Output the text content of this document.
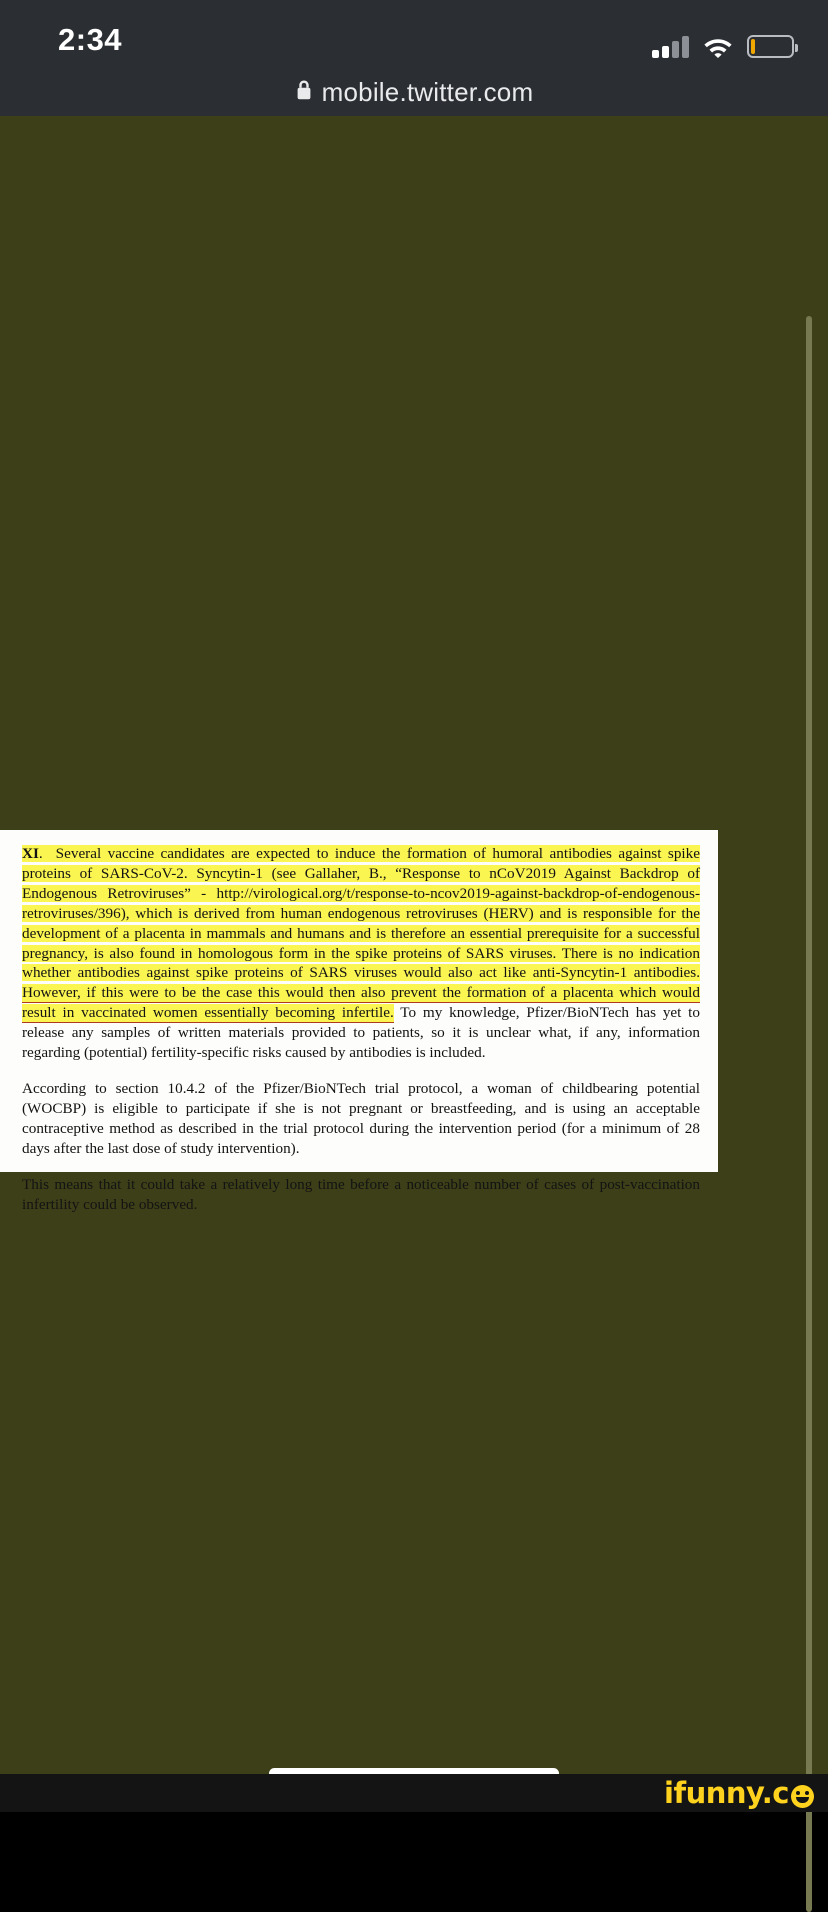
2:34
mobile.twitter.com

XI.  Several vaccine candidates are expected to induce the formation of humoral antibodies against spike proteins of SARS-CoV-2. Syncytin-1 (see Gallaher, B., “Response to nCoV2019 Against Backdrop of Endogenous Retroviruses” - http://virological.org/t/response-to-ncov2019-against-backdrop-of-endogenous-retroviruses/396), which is derived from human endogenous retroviruses (HERV) and is responsible for the development of a placenta in mammals and humans and is therefore an essential prerequisite for a successful pregnancy, is also found in homologous form in the spike proteins of SARS viruses. There is no indication whether antibodies against spike proteins of SARS viruses would also act like anti-Syncytin-1 antibodies. However, if this were to be the case this would then also prevent the formation of a placenta which would result in vaccinated women essentially becoming infertile. To my knowledge, Pfizer/BioNTech has yet to release any samples of written materials provided to patients, so it is unclear what, if any, information regarding (potential) fertility-specific risks caused by antibodies is included.

According to section 10.4.2 of the Pfizer/BioNTech trial protocol, a woman of childbearing potential (WOCBP) is eligible to participate if she is not pregnant or breastfeeding, and is using an acceptable contraceptive method as described in the trial protocol during the intervention period (for a minimum of 28 days after the last dose of study intervention).

This means that it could take a relatively long time before a noticeable number of cases of post-vaccination infertility could be observed.

ifunny.c
